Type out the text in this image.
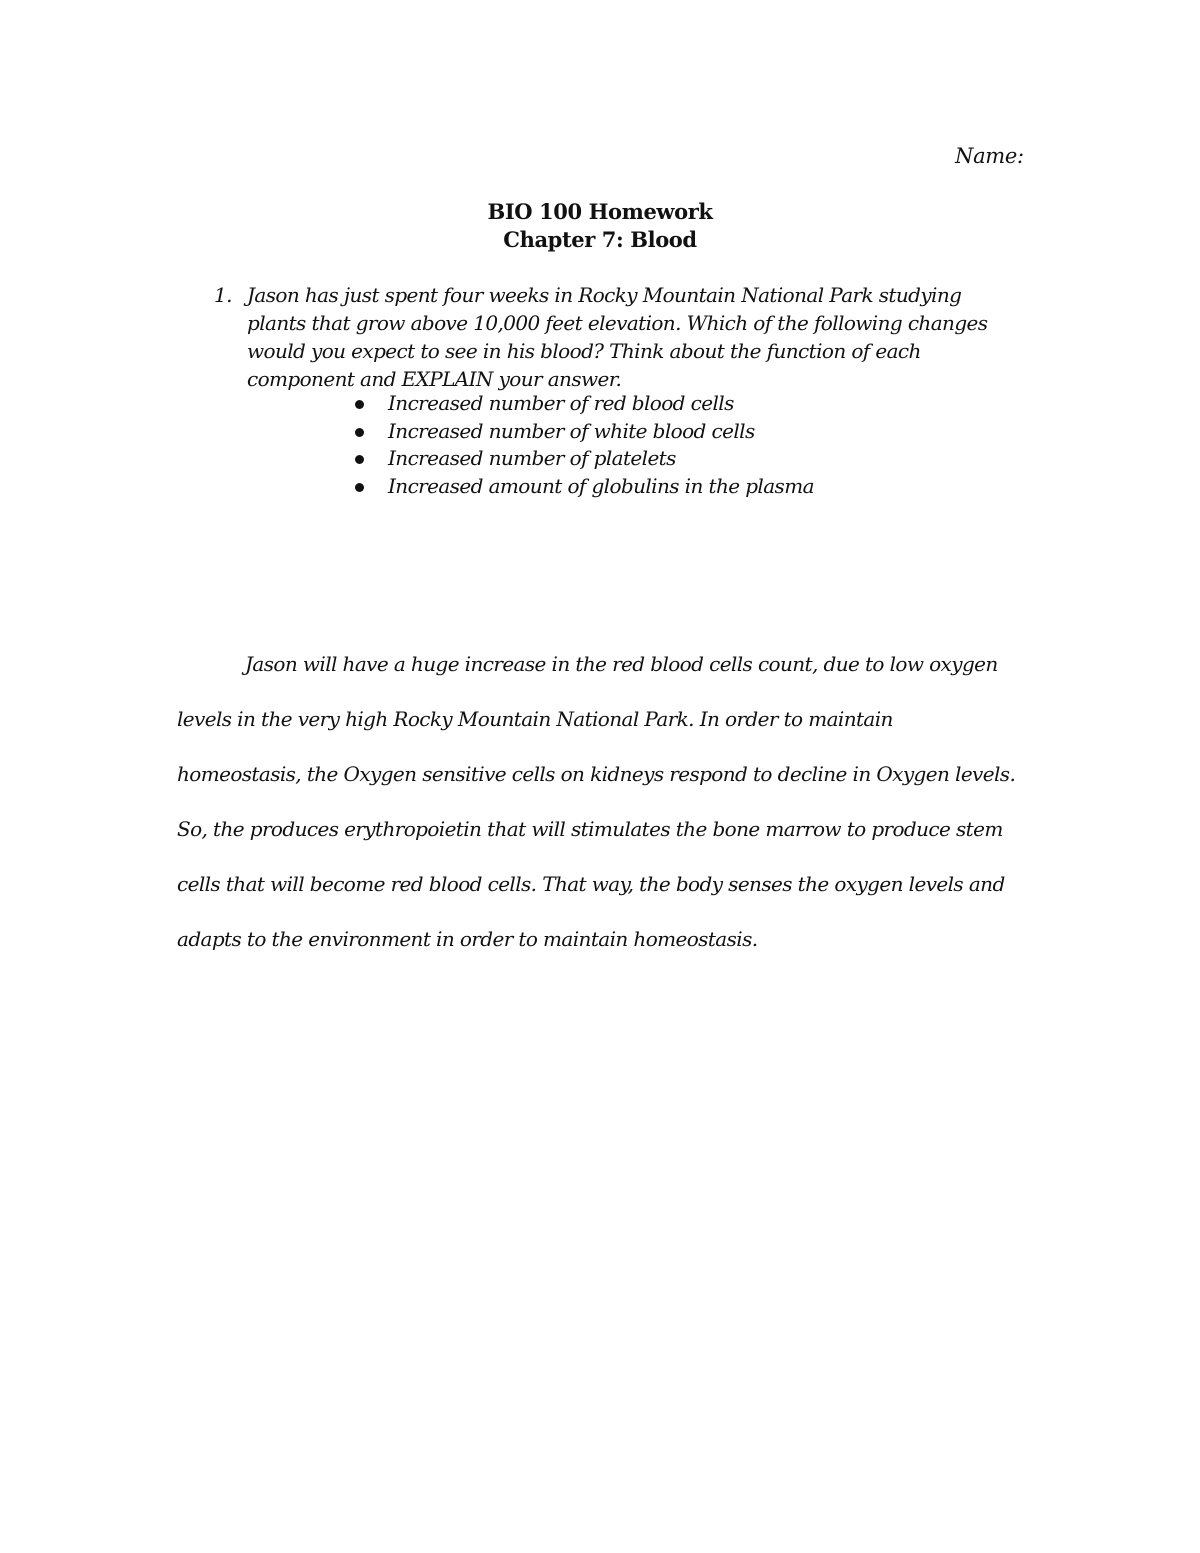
Name:
BIO 100 Homework
Chapter 7: Blood
1. Jason has just spent four weeks in Rocky Mountain National Park studying
plants that grow above 10,000 feet elevation. Which of the following changes
would you expect to see in his blood? Think about the function of each
component and EXPLAIN your answer.
Increased number of red blood cells
Increased number of white blood cells
Increased number of platelets
Increased amount of globulins in the plasma
Jason will have a huge increase in the red blood cells count, due to low oxygen
levels in the very high Rocky Mountain National Park. In order to maintain
homeostasis, the Oxygen sensitive cells on kidneys respond to decline in Oxygen levels.
So, the produces erythropoietin that will stimulates the bone marrow to produce stem
cells that will become red blood cells. That way, the body senses the oxygen levels and
adapts to the environment in order to maintain homeostasis.
